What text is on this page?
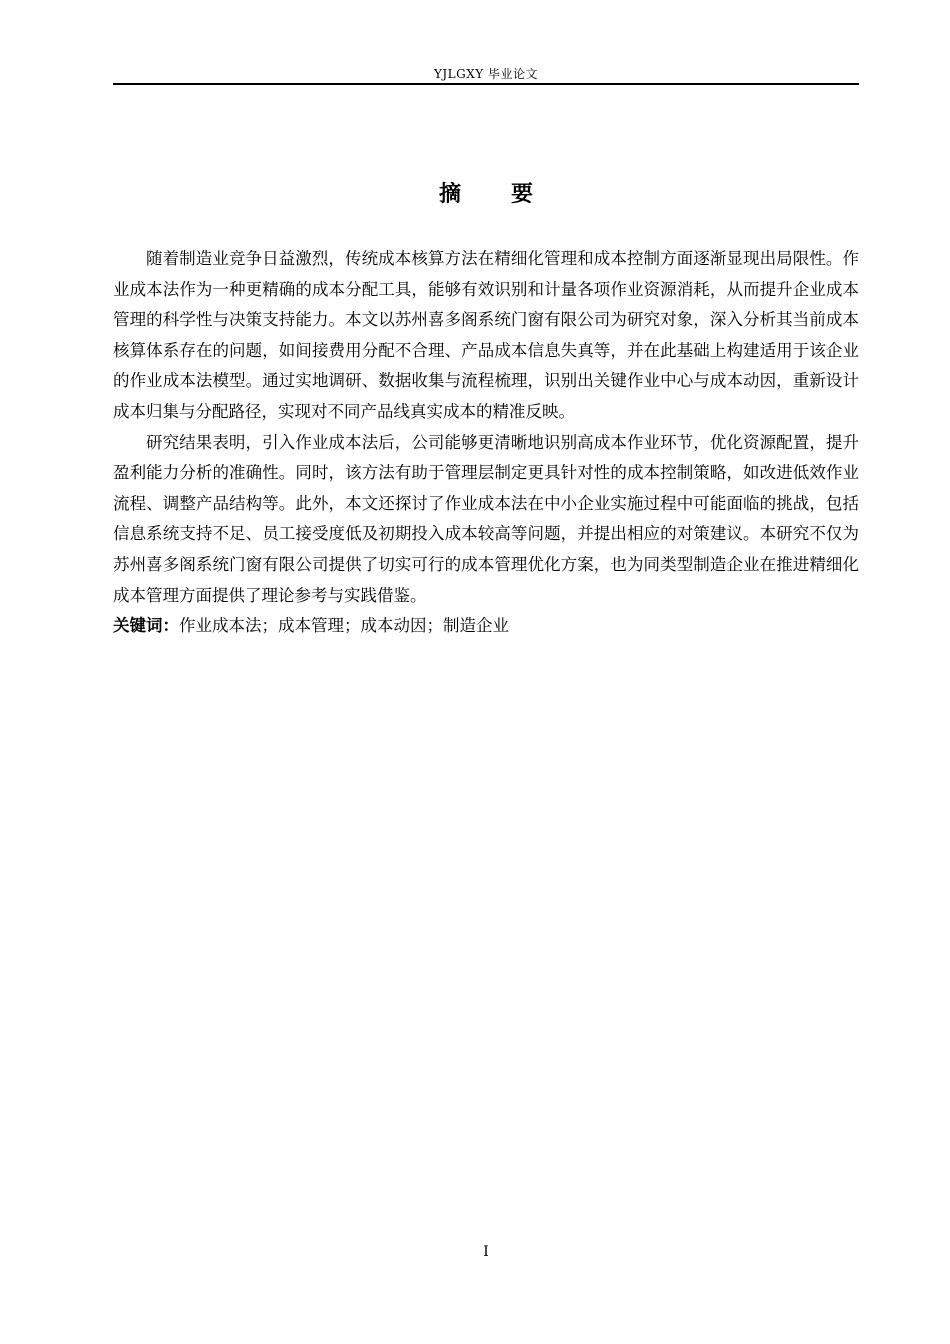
YJLGXY 毕业论文
摘要

随着制造业竞争日益激烈，传统成本核算方法在精细化管理和成本控制方面逐渐显现出局限性。作业成本法作为一种更精确的成本分配工具，能够有效识别和计量各项作业资源消耗，从而提升企业成本管理的科学性与决策支持能力。本文以苏州喜多阁系统门窗有限公司为研究对象，深入分析其当前成本核算体系存在的问题，如间接费用分配不合理、产品成本信息失真等，并在此基础上构建适用于该企业的作业成本法模型。通过实地调研、数据收集与流程梳理，识别出关键作业中心与成本动因，重新设计成本归集与分配路径，实现对不同产品线真实成本的精准反映。

研究结果表明，引入作业成本法后，公司能够更清晰地识别高成本作业环节，优化资源配置，提升盈利能力分析的准确性。同时，该方法有助于管理层制定更具针对性的成本控制策略，如改进低效作业流程、调整产品结构等。此外，本文还探讨了作业成本法在中小企业实施过程中可能面临的挑战，包括信息系统支持不足、员工接受度低及初期投入成本较高等问题，并提出相应的对策建议。本研究不仅为苏州喜多阁系统门窗有限公司提供了切实可行的成本管理优化方案，也为同类型制造企业在推进精细化成本管理方面提供了理论参考与实践借鉴。

关键词：作业成本法；成本管理；成本动因；制造企业

I
